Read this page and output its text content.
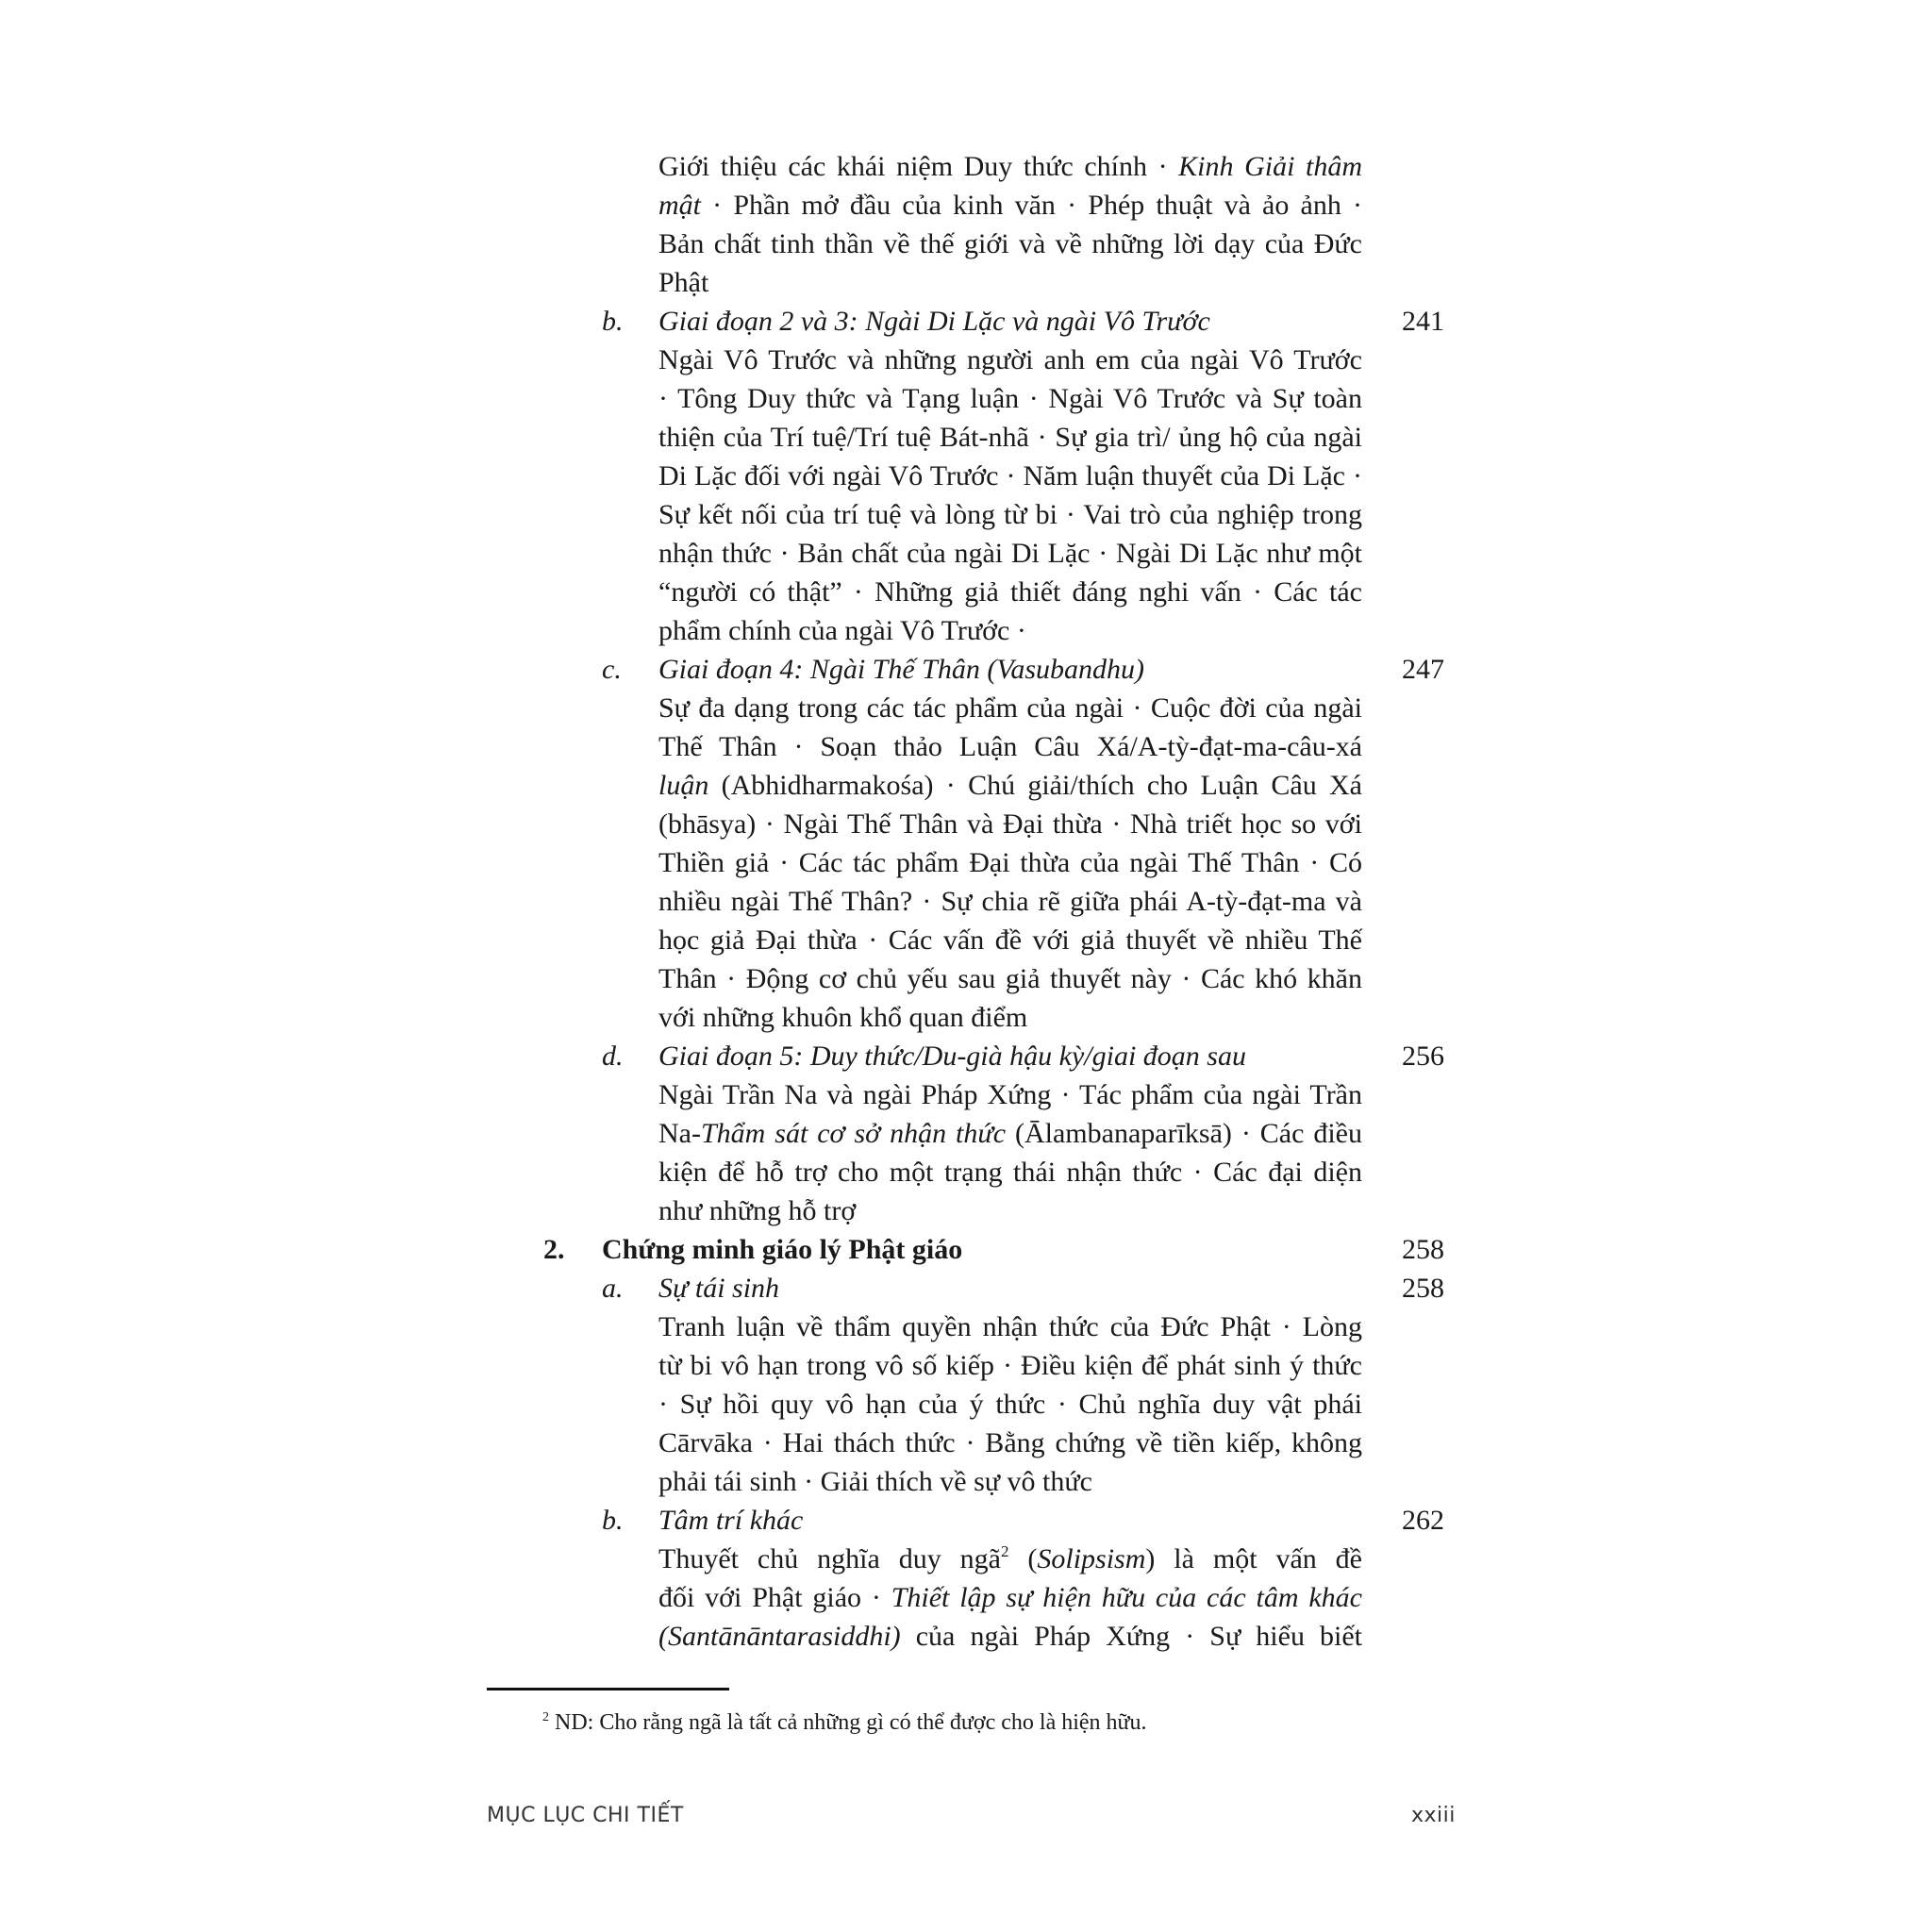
Giới thiệu các khái niệm Duy thức chính · Kinh Giải thâm
mật · Phần mở đầu của kinh văn · Phép thuật và ảo ảnh ·
Bản chất tinh thần về thế giới và về những lời dạy của Đức
Phật
b. Giai đoạn 2 và 3: Ngài Di Lặc và ngài Vô Trước	241
Ngài Vô Trước và những người anh em của ngài Vô Trước
· Tông Duy thức và Tạng luận · Ngài Vô Trước và Sự toàn
thiện của Trí tuệ/Trí tuệ Bát-nhã · Sự gia trì/ ủng hộ của ngài
Di Lặc đối với ngài Vô Trước · Năm luận thuyết của Di Lặc ·
Sự kết nối của trí tuệ và lòng từ bi · Vai trò của nghiệp trong
nhận thức · Bản chất của ngài Di Lặc · Ngài Di Lặc như một
“người có thật” · Những giả thiết đáng nghi vấn · Các tác
phẩm chính của ngài Vô Trước ·
c. Giai đoạn 4: Ngài Thế Thân (Vasubandhu)	247
Sự đa dạng trong các tác phẩm của ngài · Cuộc đời của ngài
Thế Thân · Soạn thảo Luận Câu Xá/A-tỳ-đạt-ma-câu-xá
luận (Abhidharmakośa) · Chú giải/thích cho Luận Câu Xá
(bhāsya) · Ngài Thế Thân và Đại thừa · Nhà triết học so với
Thiền giả · Các tác phẩm Đại thừa của ngài Thế Thân · Có
nhiều ngài Thế Thân? · Sự chia rẽ giữa phái A-tỳ-đạt-ma và
học giả Đại thừa · Các vấn đề với giả thuyết về nhiều Thế
Thân · Động cơ chủ yếu sau giả thuyết này · Các khó khăn
với những khuôn khổ quan điểm
d. Giai đoạn 5: Duy thức/Du-già hậu kỳ/giai đoạn sau	256
Ngài Trần Na và ngài Pháp Xứng · Tác phẩm của ngài Trần
Na-Thẩm sát cơ sở nhận thức (Ālambanaparīksā) · Các điều
kiện để hỗ trợ cho một trạng thái nhận thức · Các đại diện
như những hỗ trợ
2. Chứng minh giáo lý Phật giáo	258
a. Sự tái sinh	258
Tranh luận về thẩm quyền nhận thức của Đức Phật · Lòng
từ bi vô hạn trong vô số kiếp · Điều kiện để phát sinh ý thức
· Sự hồi quy vô hạn của ý thức · Chủ nghĩa duy vật phái
Cārvāka · Hai thách thức · Bằng chứng về tiền kiếp, không
phải tái sinh · Giải thích về sự vô thức
b. Tâm trí khác	262
Thuyết chủ nghĩa duy ngã$^2$ (Solipsism) là một vấn đề
đối với Phật giáo · Thiết lập sự hiện hữu của các tâm khác
(Santānāntarasiddhi) của ngài Pháp Xứng · Sự hiểu biết
$^2$ ND: Cho rằng ngã là tất cả những gì có thể được cho là hiện hữu.
MỤC LỤC CHI TIẾT	xxiii
